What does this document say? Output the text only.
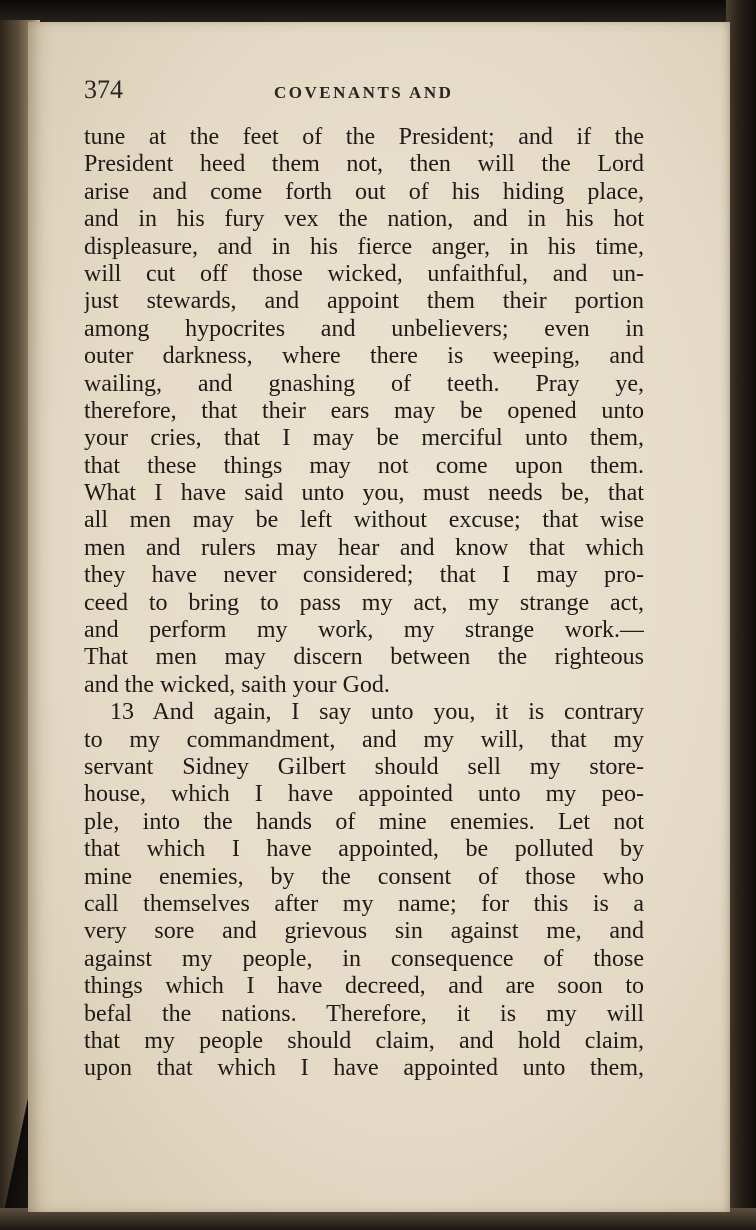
374	COVENANTS AND
tune at the feet of the President; and if the
President heed them not, then will the Lord
arise and come forth out of his hiding place,
and in his fury vex the nation, and in his hot
displeasure, and in his fierce anger, in his time,
will cut off those wicked, unfaithful, and un-
just stewards, and appoint them their portion
among hypocrites and unbelievers; even in
outer darkness, where there is weeping, and
wailing, and gnashing of teeth. Pray ye,
therefore, that their ears may be opened unto
your cries, that I may be merciful unto them,
that these things may not come upon them.
What I have said unto you, must needs be, that
all men may be left without excuse; that wise
men and rulers may hear and know that which
they have never considered; that I may pro-
ceed to bring to pass my act, my strange act,
and perform my work, my strange work.—
That men may discern between the righteous
and the wicked, saith your God.
13 And again, I say unto you, it is contrary
to my commandment, and my will, that my
servant Sidney Gilbert should sell my store-
house, which I have appointed unto my peo-
ple, into the hands of mine enemies. Let not
that which I have appointed, be polluted by
mine enemies, by the consent of those who
call themselves after my name; for this is a
very sore and grievous sin against me, and
against my people, in consequence of those
things which I have decreed, and are soon to
befal the nations. Therefore, it is my will
that my people should claim, and hold claim,
upon that which I have appointed unto them,
